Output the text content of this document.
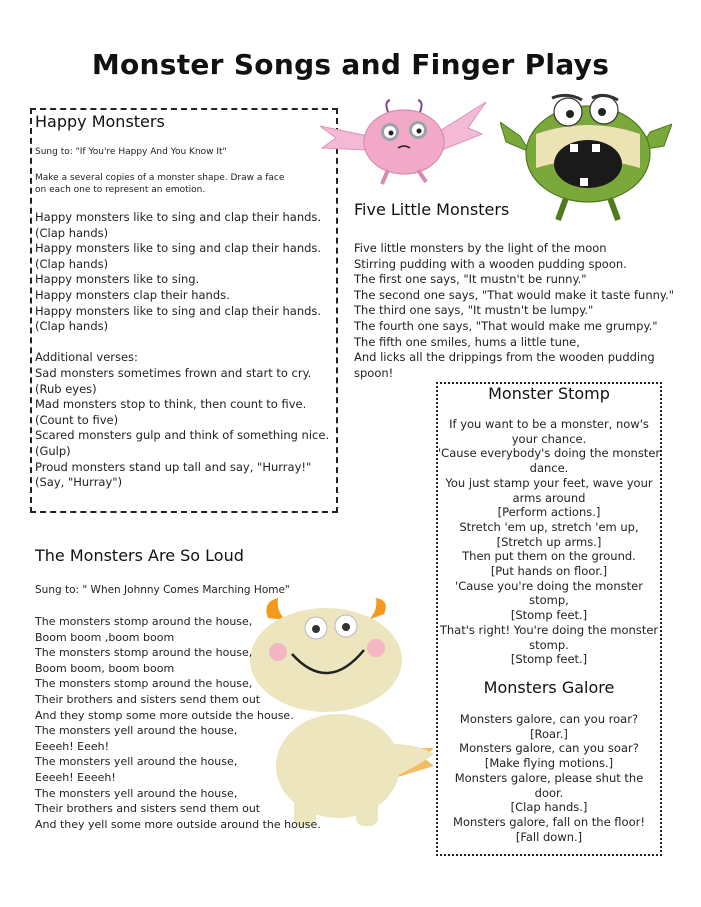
Monster Songs and Finger Plays
Happy Monsters
Sung to: "If You're Happy And You Know It"
Make a several copies of a monster shape. Draw a face
on each one to represent an emotion.
Happy monsters like to sing and clap their hands.
(Clap hands)
Happy monsters like to sing and clap their hands.
(Clap hands)
Happy monsters like to sing.
Happy monsters clap their hands.
Happy monsters like to sing and clap their hands.
(Clap hands)
Additional verses:
Sad monsters sometimes frown and start to cry.
(Rub eyes)
Mad monsters stop to think, then count to five.
(Count to five)
Scared monsters gulp and think of something nice.
(Gulp)
Proud monsters stand up tall and say, "Hurray!"
(Say, "Hurray")
Five Little Monsters
Five little monsters by the light of the moon
Stirring pudding with a wooden pudding spoon.
The first one says, "It mustn't be runny."
The second one says, "That would make it taste funny."
The third one says, "It mustn't be lumpy."
The fourth one says, "That would make me grumpy."
The fifth one smiles, hums a little tune,
And licks all the drippings from the wooden pudding
spoon!
Monster Stomp
If you want to be a monster, now's
your chance.
'Cause everybody's doing the monster
dance.
You just stamp your feet, wave your
arms around
[Perform actions.]
Stretch 'em up, stretch 'em up,
[Stretch up arms.]
Then put them on the ground.
[Put hands on floor.]
'Cause you're doing the monster
stomp,
[Stomp feet.]
That's right! You're doing the monster
stomp.
[Stomp feet.]
Monsters Galore
Monsters galore, can you roar?
[Roar.]
Monsters galore, can you soar?
[Make flying motions.]
Monsters galore, please shut the
door.
[Clap hands.]
Monsters galore, fall on the floor!
[Fall down.]
The Monsters Are So Loud
Sung to: " When Johnny Comes Marching Home"
The monsters stomp around the house,
Boom boom ,boom boom
The monsters stomp around the house,
Boom boom, boom boom
The monsters stomp around the house,
Their brothers and sisters send them out
And they stomp some more outside the house.
The monsters yell around the house,
Eeeeh! Eeeh!
The monsters yell around the house,
Eeeeh! Eeeeh!
The monsters yell around the house,
Their brothers and sisters send them out
And they yell some more outside around the house.
